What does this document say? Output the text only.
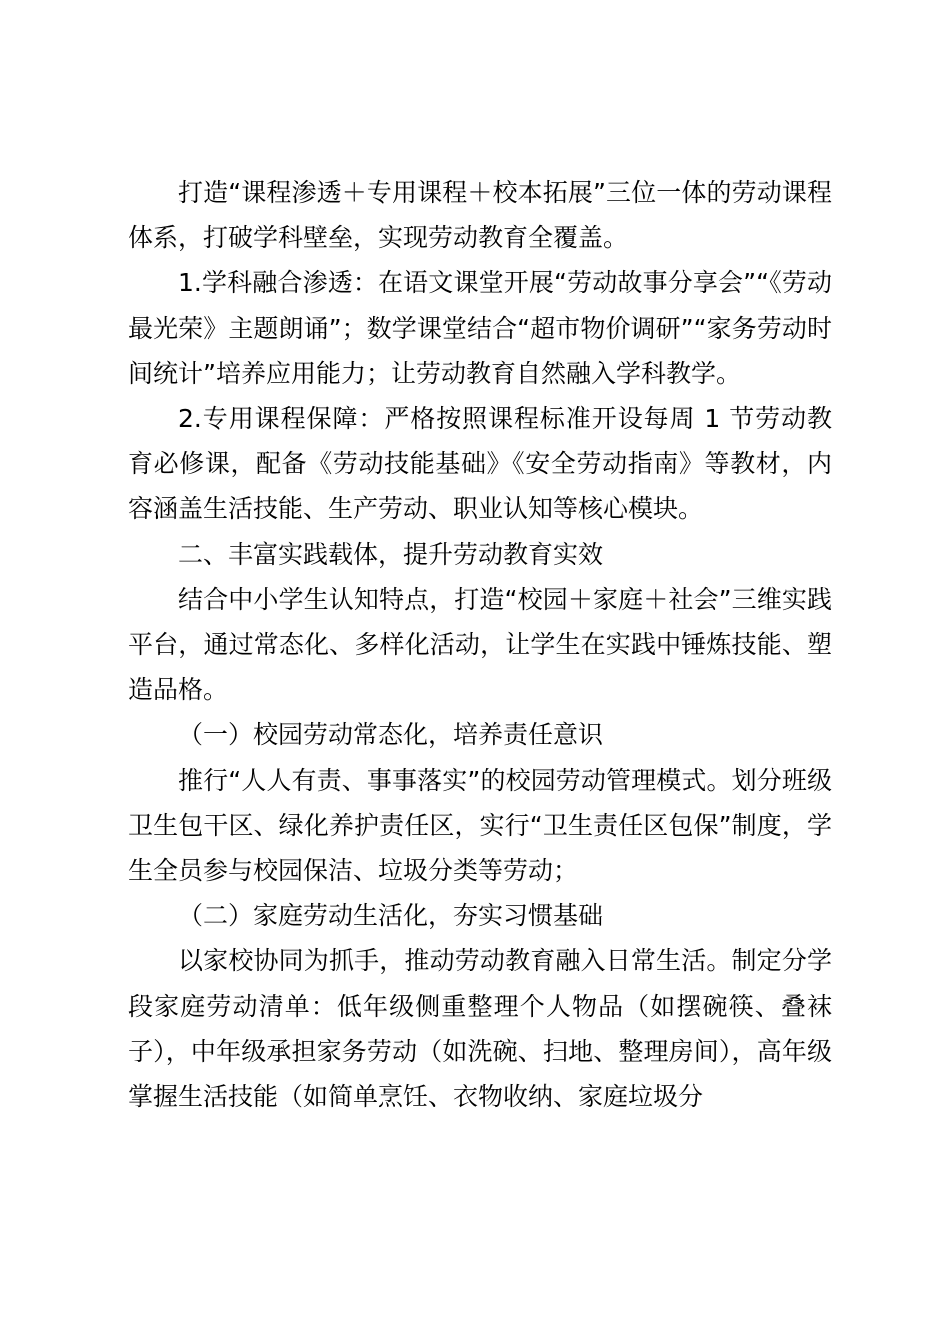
打造“课程渗透＋专用课程＋校本拓展”三位一体的劳动课程体系，打破学科壁垒，实现劳动教育全覆盖。

1.学科融合渗透：在语文课堂开展“劳动故事分享会”“《劳动最光荣》主题朗诵”；数学课堂结合“超市物价调研”“家务劳动时间统计”培养应用能力；让劳动教育自然融入学科教学。

2.专用课程保障：严格按照课程标准开设每周 1 节劳动教育必修课，配备《劳动技能基础》《安全劳动指南》等教材，内容涵盖生活技能、生产劳动、职业认知等核心模块。

二、丰富实践载体，提升劳动教育实效

结合中小学生认知特点，打造“校园＋家庭＋社会”三维实践平台，通过常态化、多样化活动，让学生在实践中锤炼技能、塑造品格。

（一）校园劳动常态化，培养责任意识

推行“人人有责、事事落实”的校园劳动管理模式。划分班级卫生包干区、绿化养护责任区，实行“卫生责任区包保”制度，学生全员参与校园保洁、垃圾分类等劳动；

（二）家庭劳动生活化，夯实习惯基础

以家校协同为抓手，推动劳动教育融入日常生活。制定分学段家庭劳动清单：低年级侧重整理个人物品（如摆碗筷、叠袜子），中年级承担家务劳动（如洗碗、扫地、整理房间），高年级掌握生活技能（如简单烹饪、衣物收纳、家庭垃圾分
